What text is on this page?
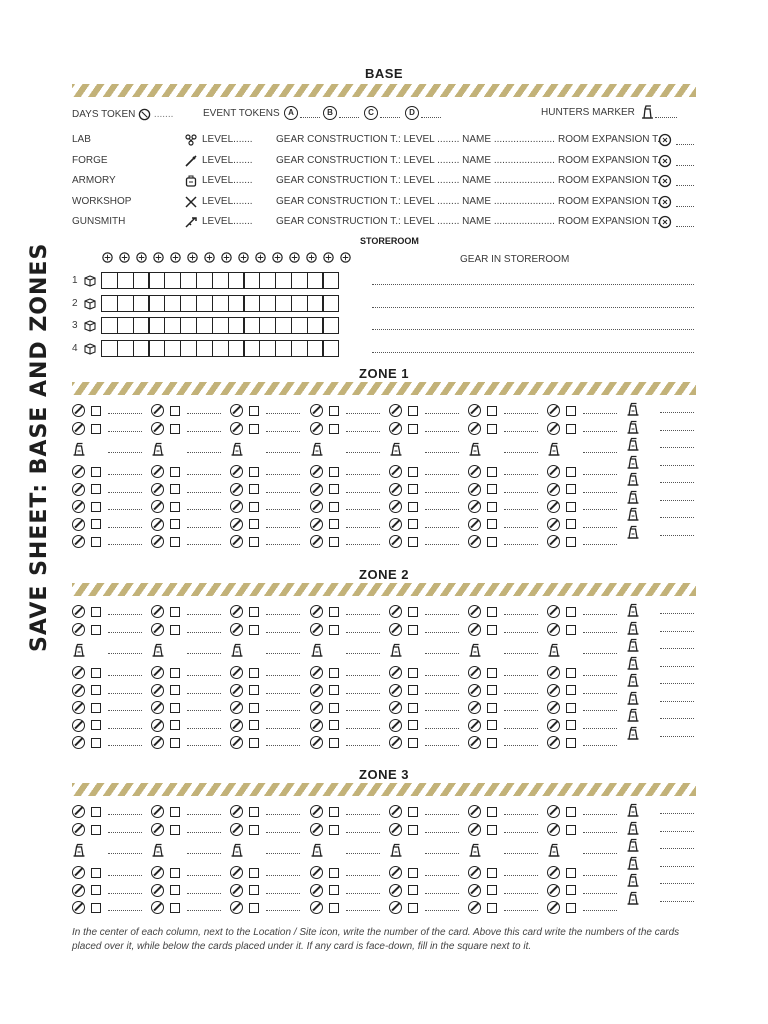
SAVE SHEET: BASE AND ZONES
BASE
DAYS TOKEN .......	EVENT TOKENS	HUNTERS MARKER
STOREROOM
GEAR IN STOREROOM
In the center of each column, next to the Location / Site icon, write the number of the card. Above this card write the numbers of the cards placed over it, while below the cards placed under it. If any card is face-down, fill in the square next to it.
A	B	C	D
LAB	LEVEL....... GEAR CONSTRUCTION T.: LEVEL ........ NAME ...................... ROOM EXPANSION T.
FORGE	LEVEL....... GEAR CONSTRUCTION T.: LEVEL ........ NAME ...................... ROOM EXPANSION T.
ARMORY	LEVEL....... GEAR CONSTRUCTION T.: LEVEL ........ NAME ...................... ROOM EXPANSION T.
WORKSHOP	LEVEL....... GEAR CONSTRUCTION T.: LEVEL ........ NAME ...................... ROOM EXPANSION T.
GUNSMITH	LEVEL....... GEAR CONSTRUCTION T.: LEVEL ........ NAME ...................... ROOM EXPANSION T.
1
2
3
4
ZONE 1
ZONE 2
ZONE 3
